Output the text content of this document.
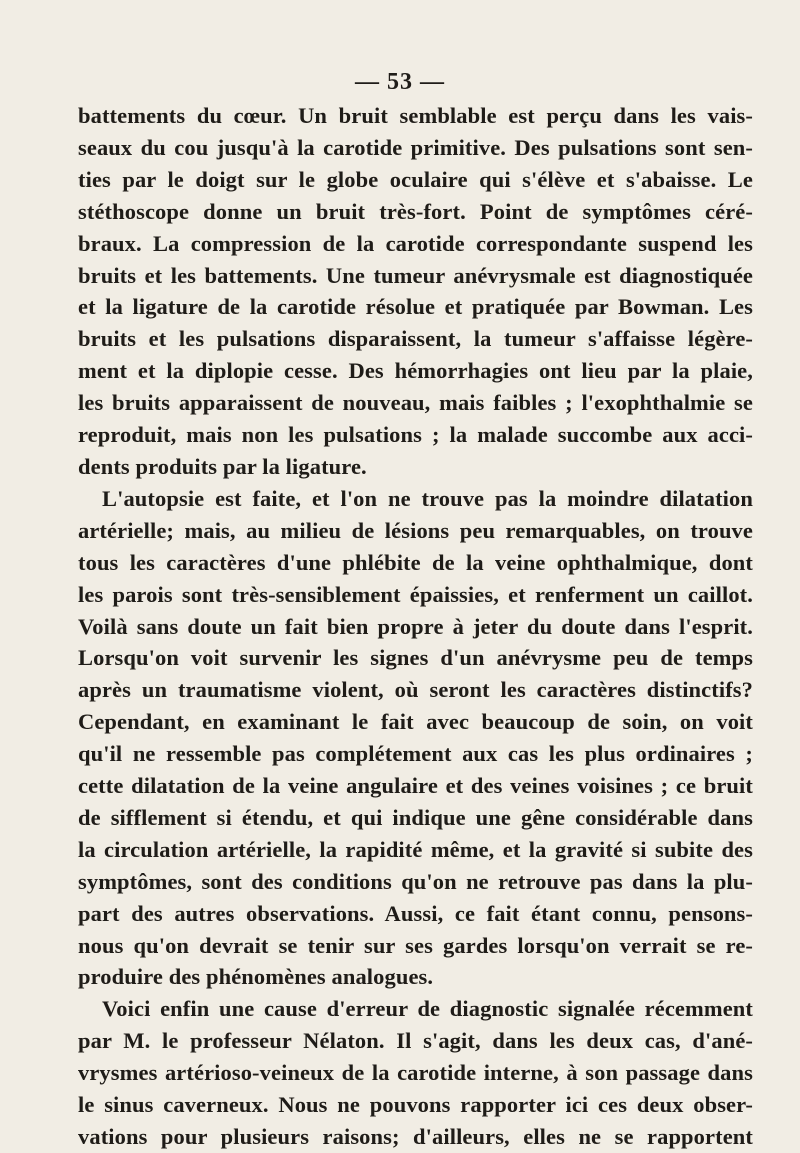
— 53 —
battements du cœur. Un bruit semblable est perçu dans les vais-
seaux du cou jusqu'à la carotide primitive. Des pulsations sont sen-
ties par le doigt sur le globe oculaire qui s'élève et s'abaisse. Le
stéthoscope donne un bruit très-fort. Point de symptômes céré-
braux. La compression de la carotide correspondante suspend les
bruits et les battements. Une tumeur anévrysmale est diagnostiquée
et la ligature de la carotide résolue et pratiquée par Bowman. Les
bruits et les pulsations disparaissent, la tumeur s'affaisse légère-
ment et la diplopie cesse. Des hémorrhagies ont lieu par la plaie,
les bruits apparaissent de nouveau, mais faibles ; l'exophthalmie se
reproduit, mais non les pulsations ; la malade succombe aux acci-
dents produits par la ligature.
L'autopsie est faite, et l'on ne trouve pas la moindre dilatation
artérielle; mais, au milieu de lésions peu remarquables, on trouve
tous les caractères d'une phlébite de la veine ophthalmique, dont
les parois sont très-sensiblement épaissies, et renferment un caillot.
Voilà sans doute un fait bien propre à jeter du doute dans l'esprit.
Lorsqu'on voit survenir les signes d'un anévrysme peu de temps
après un traumatisme violent, où seront les caractères distinctifs?
Cependant, en examinant le fait avec beaucoup de soin, on voit
qu'il ne ressemble pas complétement aux cas les plus ordinaires ;
cette dilatation de la veine angulaire et des veines voisines ; ce bruit
de sifflement si étendu, et qui indique une gêne considérable dans
la circulation artérielle, la rapidité même, et la gravité si subite des
symptômes, sont des conditions qu'on ne retrouve pas dans la plu-
part des autres observations. Aussi, ce fait étant connu, pensons-
nous qu'on devrait se tenir sur ses gardes lorsqu'on verrait se re-
produire des phénomènes analogues.
Voici enfin une cause d'erreur de diagnostic signalée récemment
par M. le professeur Nélaton. Il s'agit, dans les deux cas, d'ané-
vrysmes artérioso-veineux de la carotide interne, à son passage dans
le sinus caverneux. Nous ne pouvons rapporter ici ces deux obser-
vations pour plusieurs raisons; d'ailleurs, elles ne se rapportent
